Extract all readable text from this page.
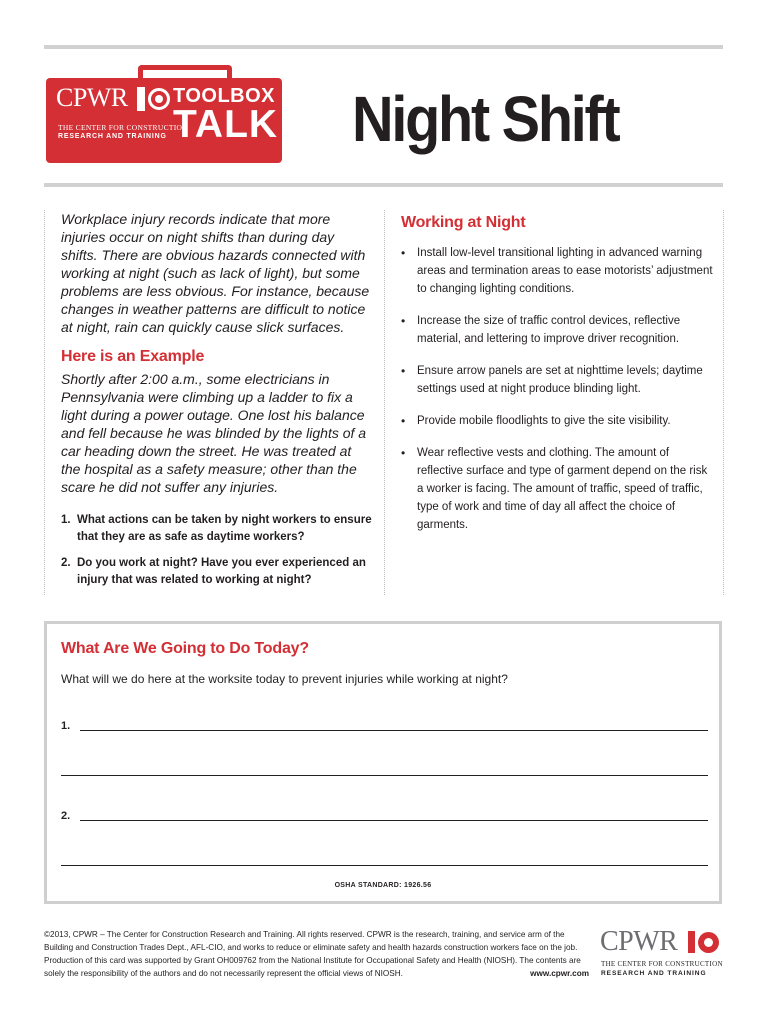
CPWR
THE CENTER FOR CONSTRUCTION
RESEARCH AND TRAINING
TOOLBOX
TALK Night Shift

Workplace injury records indicate that more injuries occur on night shifts than during day shifts. There are obvious hazards connected with working at night (such as lack of light), but some problems are less obvious. For instance, because changes in weather patterns are difficult to notice at night, rain can quickly cause slick surfaces.

Here is an Example

Shortly after 2:00 a.m., some electricians in Pennsylvania were climbing up a ladder to fix a light during a power outage. One lost his balance and fell because he was blinded by the lights of a car heading down the street. He was treated at the hospital as a safety measure; other than the scare he did not suffer any injuries.

1. What actions can be taken by night workers to ensure that they are as safe as daytime workers?
2. Do you work at night? Have you ever experienced an injury that was related to working at night?
Working at Night
• Install low-level transitional lighting in advanced warning areas and termination areas to ease motorists’ adjustment to changing lighting conditions.
• Increase the size of traffic control devices, reflective material, and lettering to improve driver recognition.
• Ensure arrow panels are set at nighttime levels; daytime settings used at night produce blinding light.
• Provide mobile floodlights to give the site visibility.
• Wear reflective vests and clothing. The amount of reflective surface and type of garment depend on the risk a worker is facing. The amount of traffic, speed of traffic, type of work and time of day all affect the choice of garments.
What Are We Going to Do Today?

What will we do here at the worksite today to prevent injuries while working at night?

1.
2.
OSHA STANDARD: 1926.56

©2013, CPWR – The Center for Construction Research and Training. All rights reserved. CPWR is the research, training, and service arm of the Building and Construction Trades Dept., AFL-CIO, and works to reduce or eliminate safety and health hazards construction workers face on the job. Production of this card was supported by Grant OH009762 from the National Institute for Occupational Safety and Health (NIOSH). The contents are solely the responsibility of the authors and do not necessarily represent the official views of NIOSH.	www.cpwr.com

CPWR
THE CENTER FOR CONSTRUCTION
RESEARCH AND TRAINING
